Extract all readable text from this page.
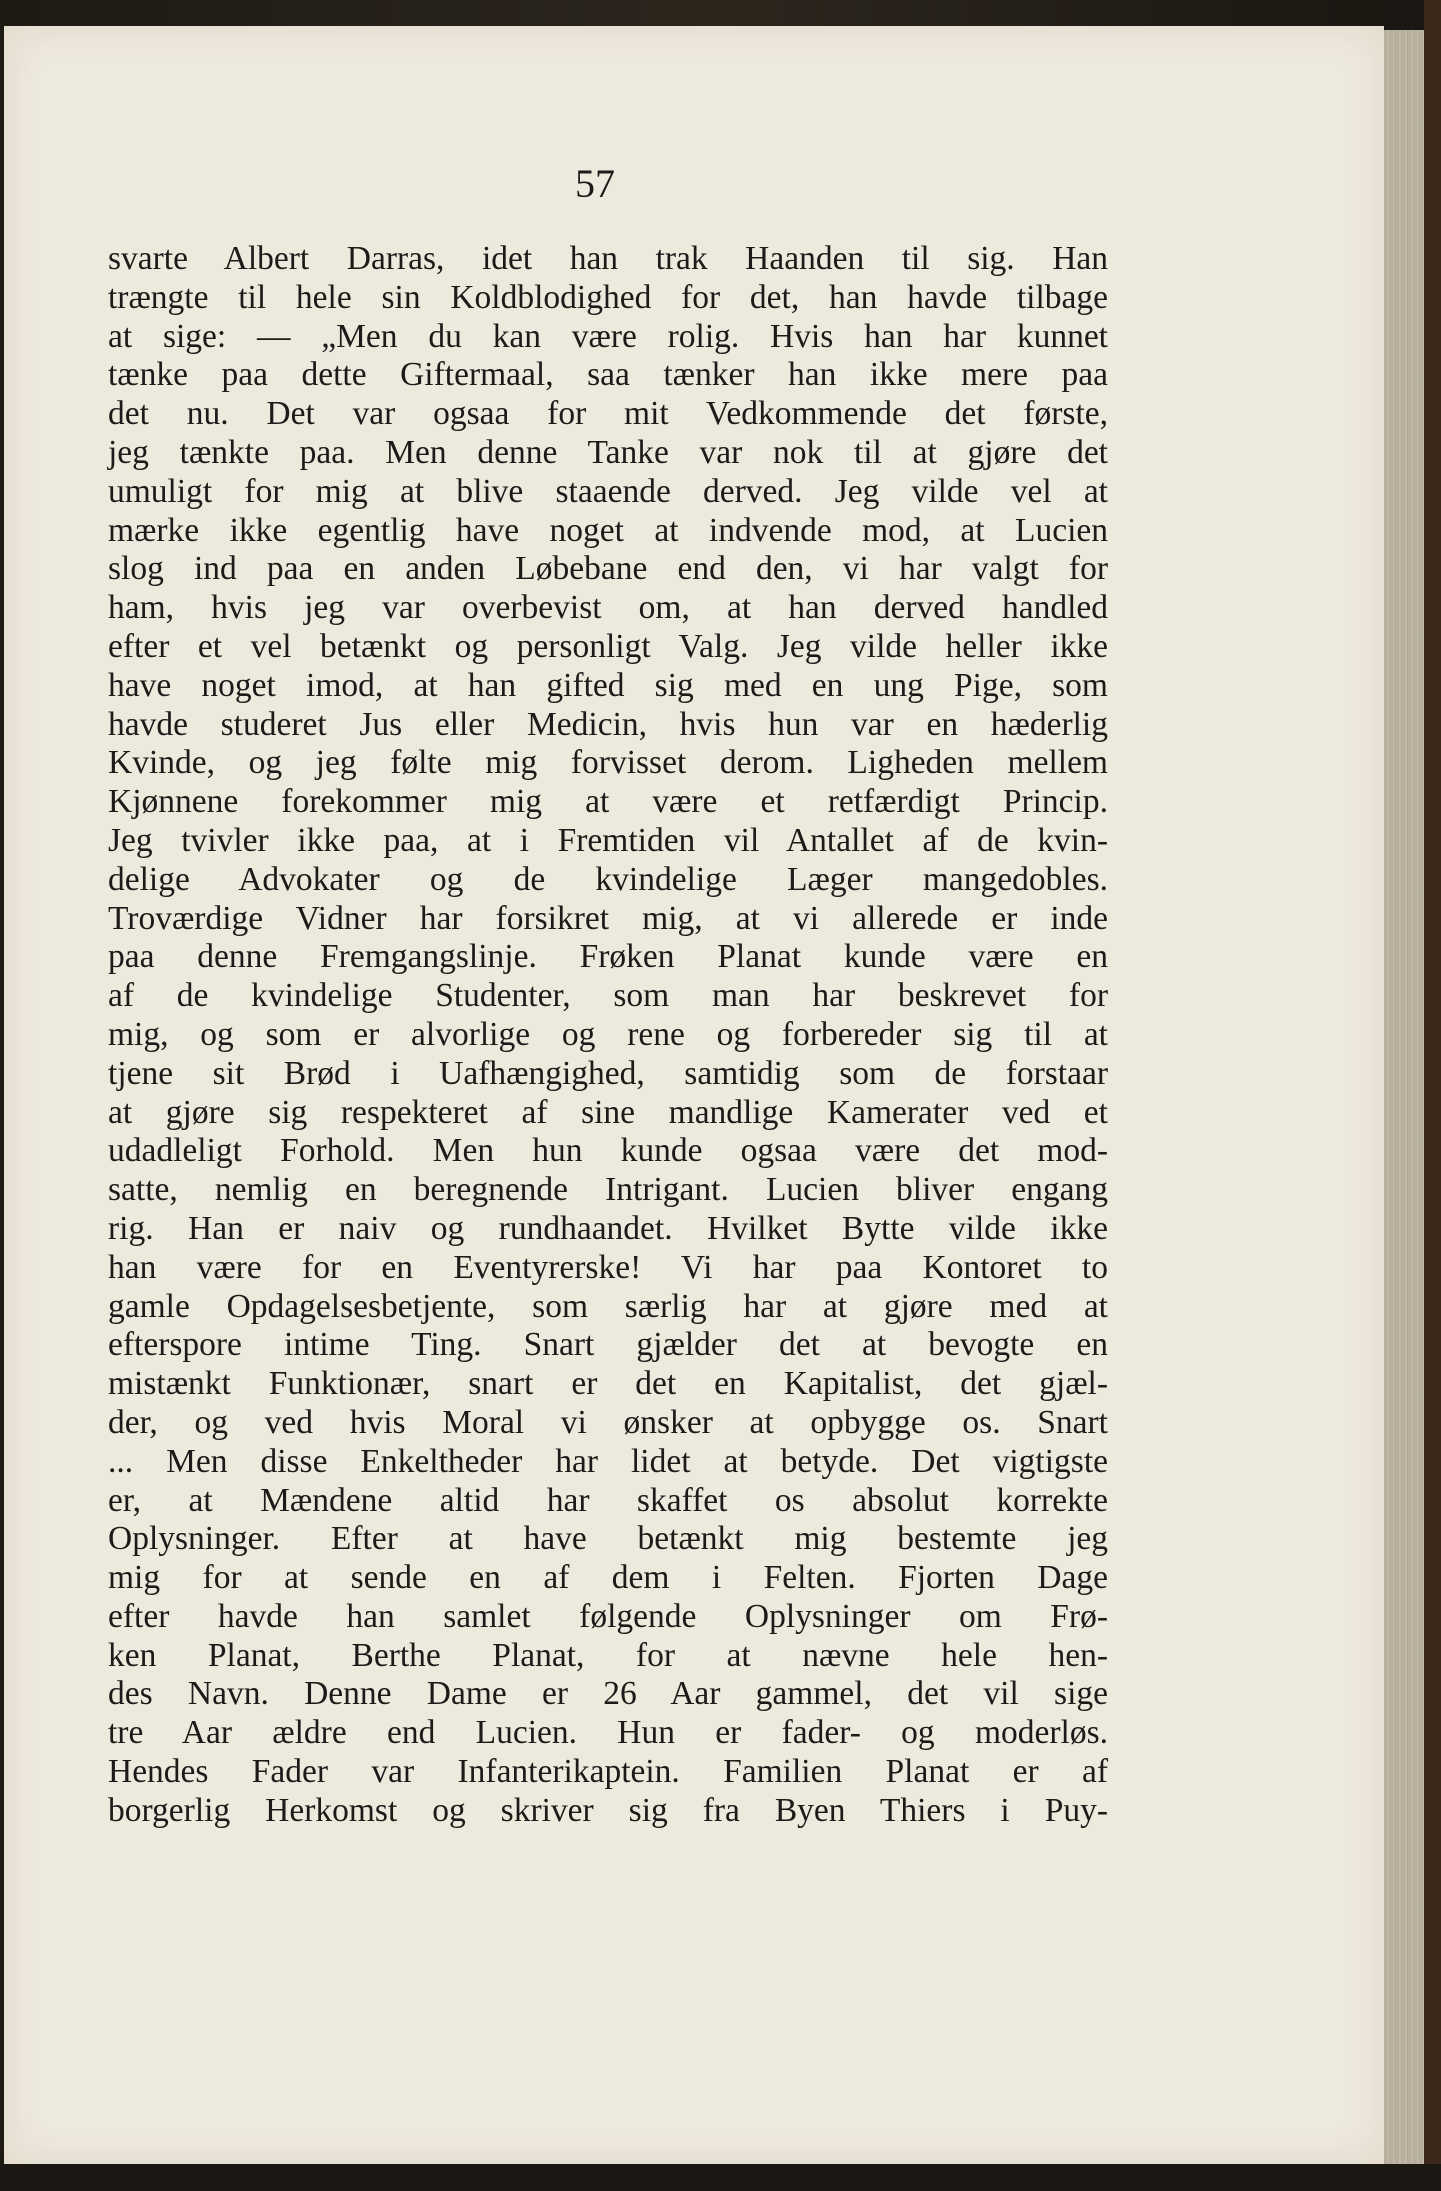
57
svarte Albert Darras, idet han trak Haanden til sig. Han
trængte til hele sin Koldblodighed for det, han havde tilbage
at sige: — „Men du kan være rolig. Hvis han har kunnet
tænke paa dette Giftermaal, saa tænker han ikke mere paa
det nu. Det var ogsaa for mit Vedkommende det første,
jeg tænkte paa. Men denne Tanke var nok til at gjøre det
umuligt for mig at blive staaende derved. Jeg vilde vel at
mærke ikke egentlig have noget at indvende mod, at Lucien
slog ind paa en anden Løbebane end den, vi har valgt for
ham, hvis jeg var overbevist om, at han derved handled
efter et vel betænkt og personligt Valg. Jeg vilde heller ikke
have noget imod, at han gifted sig med en ung Pige, som
havde studeret Jus eller Medicin, hvis hun var en hæderlig
Kvinde, og jeg følte mig forvisset derom. Ligheden mellem
Kjønnene forekommer mig at være et retfærdigt Princip.
Jeg tvivler ikke paa, at i Fremtiden vil Antallet af de kvin-
delige Advokater og de kvindelige Læger mangedobles.
Troværdige Vidner har forsikret mig, at vi allerede er inde
paa denne Fremgangslinje. Frøken Planat kunde være en
af de kvindelige Studenter, som man har beskrevet for
mig, og som er alvorlige og rene og forbereder sig til at
tjene sit Brød i Uafhængighed, samtidig som de forstaar
at gjøre sig respekteret af sine mandlige Kamerater ved et
udadleligt Forhold. Men hun kunde ogsaa være det mod-
satte, nemlig en beregnende Intrigant. Lucien bliver engang
rig. Han er naiv og rundhaandet. Hvilket Bytte vilde ikke
han være for en Eventyrerske! Vi har paa Kontoret to
gamle Opdagelsesbetjente, som særlig har at gjøre med at
efterspore intime Ting. Snart gjælder det at bevogte en
mistænkt Funktionær, snart er det en Kapitalist, det gjæl-
der, og ved hvis Moral vi ønsker at opbygge os. Snart
... Men disse Enkeltheder har lidet at betyde. Det vigtigste
er, at Mændene altid har skaffet os absolut korrekte
Oplysninger. Efter at have betænkt mig bestemte jeg
mig for at sende en af dem i Felten. Fjorten Dage
efter havde han samlet følgende Oplysninger om Frø-
ken Planat, Berthe Planat, for at nævne hele hen-
des Navn. Denne Dame er 26 Aar gammel, det vil sige
tre Aar ældre end Lucien. Hun er fader- og moderløs.
Hendes Fader var Infanterikaptein. Familien Planat er af
borgerlig Herkomst og skriver sig fra Byen Thiers i Puy-
